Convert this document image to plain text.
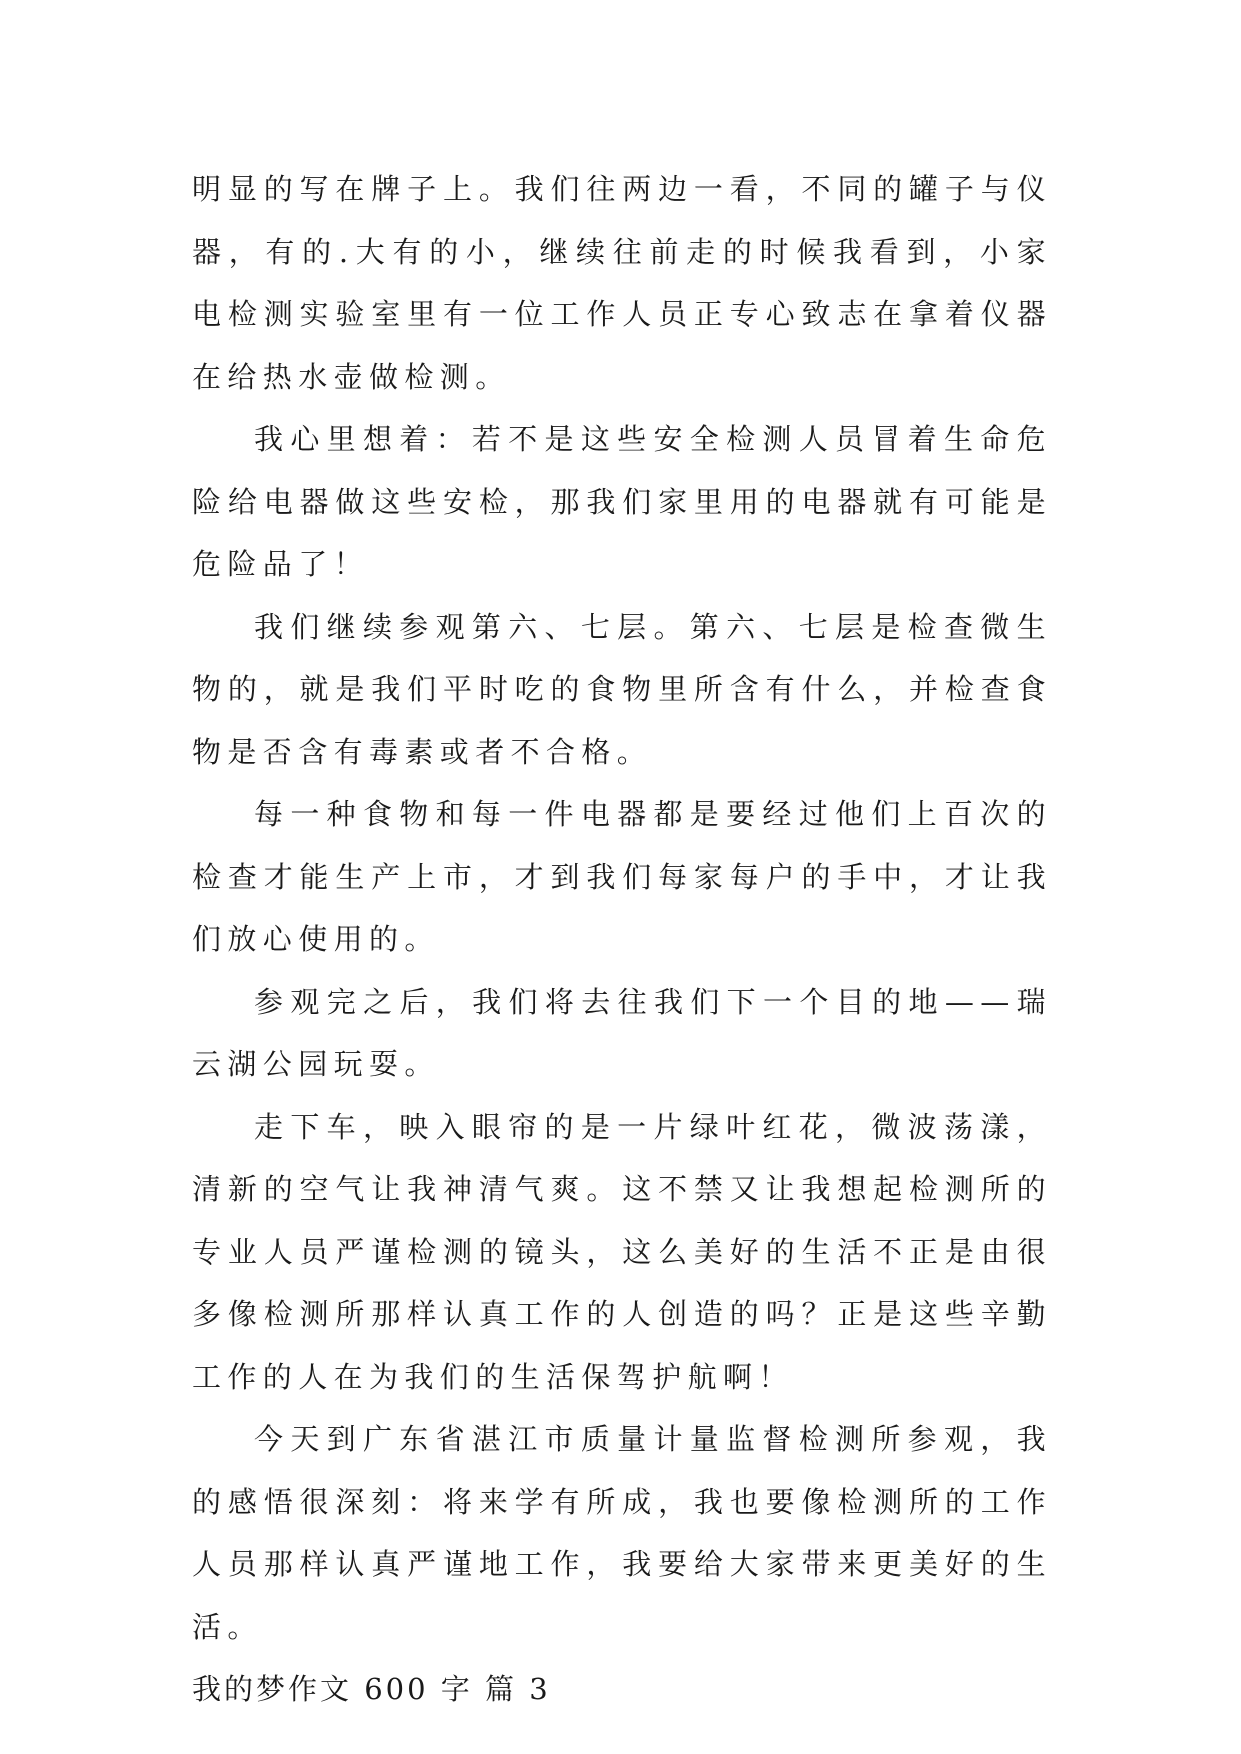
明显的写在牌子上。我们往两边一看，不同的罐子与仪器，有的.大有的小，继续往前走的时候我看到，小家电检测实验室里有一位工作人员正专心致志在拿着仪器在给热水壶做检测。

我心里想着：若不是这些安全检测人员冒着生命危险给电器做这些安检，那我们家里用的电器就有可能是危险品了！

我们继续参观第六、七层。第六、七层是检查微生物的，就是我们平时吃的食物里所含有什么，并检查食物是否含有毒素或者不合格。

每一种食物和每一件电器都是要经过他们上百次的检查才能生产上市，才到我们每家每户的手中，才让我们放心使用的。

参观完之后，我们将去往我们下一个目的地——瑞云湖公园玩耍。

走下车，映入眼帘的是一片绿叶红花，微波荡漾，清新的空气让我神清气爽。这不禁又让我想起检测所的专业人员严谨检测的镜头，这么美好的生活不正是由很多像检测所那样认真工作的人创造的吗？正是这些辛勤工作的人在为我们的生活保驾护航啊！

今天到广东省湛江市质量计量监督检测所参观，我的感悟很深刻：将来学有所成，我也要像检测所的工作人员那样认真严谨地工作，我要给大家带来更美好的生活。

我的梦作文 600 字 篇 3
